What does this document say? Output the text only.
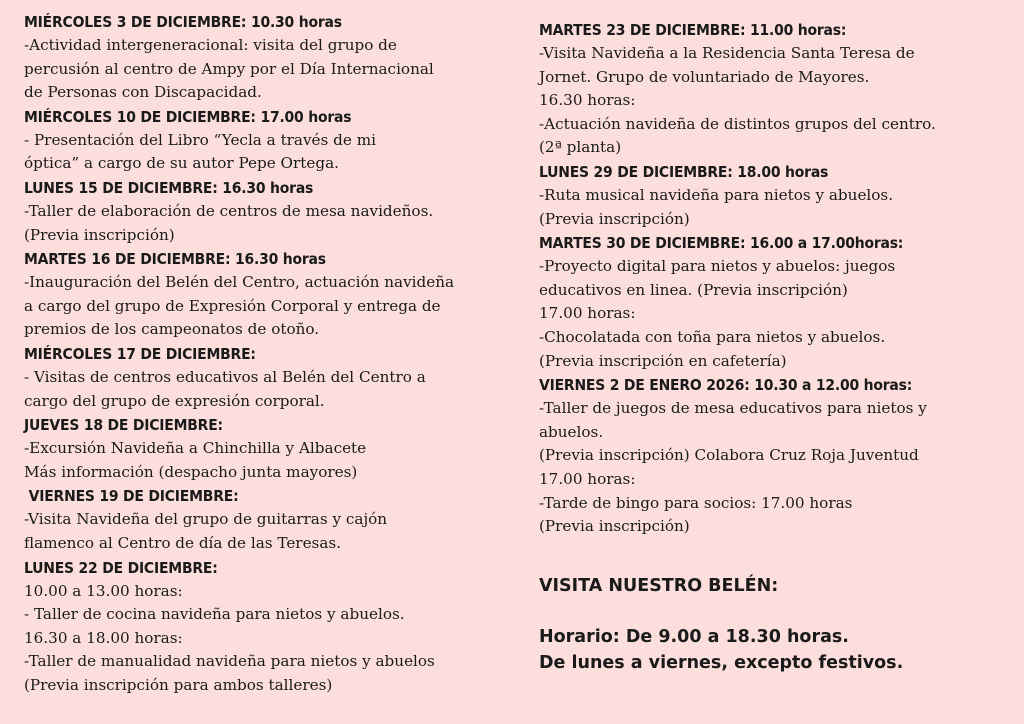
MIÉRCOLES 3 DE DICIEMBRE: 10.30 horas
-Actividad intergeneracional: visita del grupo de
percusión al centro de Ampy por el Día Internacional
de Personas con Discapacidad.
MIÉRCOLES 10 DE DICIEMBRE: 17.00 horas
- Presentación del Libro “Yecla a través de mi
óptica” a cargo de su autor Pepe Ortega.
LUNES 15 DE DICIEMBRE: 16.30 horas
-Taller de elaboración de centros de mesa navideños.
(Previa inscripción)
MARTES 16 DE DICIEMBRE: 16.30 horas
-Inauguración del Belén del Centro, actuación navideña
a cargo del grupo de Expresión Corporal y entrega de
premios de los campeonatos de otoño.
MIÉRCOLES 17 DE DICIEMBRE:
- Visitas de centros educativos al Belén del Centro a
cargo del grupo de expresión corporal.
JUEVES 18 DE DICIEMBRE:
-Excursión Navideña a Chinchilla y Albacete
Más información (despacho junta mayores)
VIERNES 19 DE DICIEMBRE:
-Visita Navideña del grupo de guitarras y cajón
flamenco al Centro de día de las Teresas.
LUNES 22 DE DICIEMBRE:
10.00 a 13.00 horas:
- Taller de cocina navideña para nietos y abuelos.
16.30 a 18.00 horas:
-Taller de manualidad navideña para nietos y abuelos
(Previa inscripción para ambos talleres)
MARTES 23 DE DICIEMBRE: 11.00 horas:
-Visita Navideña a la Residencia Santa Teresa de
Jornet. Grupo de voluntariado de Mayores.
16.30 horas:
-Actuación navideña de distintos grupos del centro.
(2ª planta)
LUNES 29 DE DICIEMBRE: 18.00 horas
-Ruta musical navideña para nietos y abuelos.
(Previa inscripción)
MARTES 30 DE DICIEMBRE: 16.00 a 17.00horas:
-Proyecto digital para nietos y abuelos: juegos
educativos en linea. (Previa inscripción)
17.00 horas:
-Chocolatada con toña para nietos y abuelos.
(Previa inscripción en cafetería)
VIERNES 2 DE ENERO 2026: 10.30 a 12.00 horas:
-Taller de juegos de mesa educativos para nietos y
abuelos.
(Previa inscripción) Colabora Cruz Roja Juventud
17.00 horas:
-Tarde de bingo para socios: 17.00 horas
(Previa inscripción)
VISITA NUESTRO BELÉN:
Horario: De 9.00 a 18.30 horas.
De lunes a viernes, excepto festivos.
